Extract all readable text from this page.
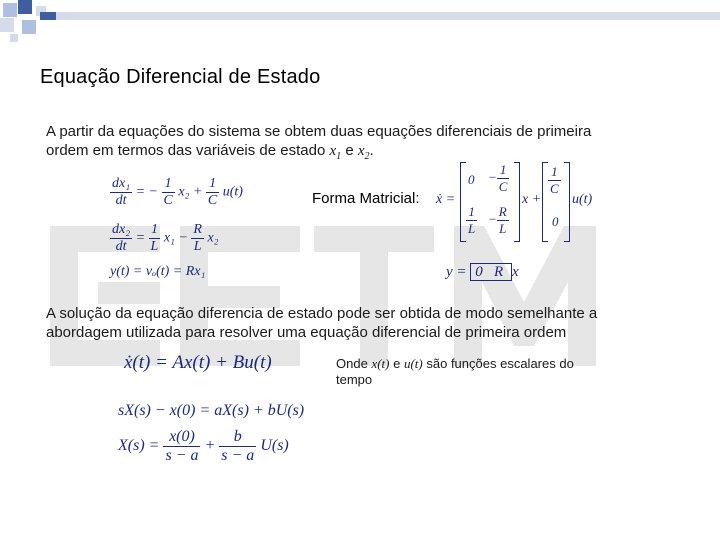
Equação Diferencial de Estado
A partir da equações do sistema se obtem duas equações diferenciais de primeira ordem em termos das variáveis de estado $x_1$ e $x_2$.
$\frac{\text{dx₁}}{dt}$ = − $\frac{1}{C} x_2 + \frac{1}{C} u(t)$
$\frac{\text{dx₂}}{dt} = \frac{1}{L} x_1 - \frac{R}{L} x_2$
y(t) = vₒ(t) = Rx₁
Forma Matricial: ẋ =
$0 - \frac{1}{C}$
$\frac{1}{L} - \frac{R}{L}$
x +
$\frac{1}{C}$
0
u(t)
y = 0 R x
A solução da equação diferencia de estado pode ser obtida de modo semelhante a abordagem utilizada para resolver uma equação diferencial de primeira ordem
ẋ(t) = Ax(t) + Bu(t)	Onde x(t) e u(t) são funções escalares do tempo
sX(s) − x(0) = aX(s) + bU(s)
$X(s) = \frac{x(0)}{s - a} + \frac{b}{s - a} U(s)$
